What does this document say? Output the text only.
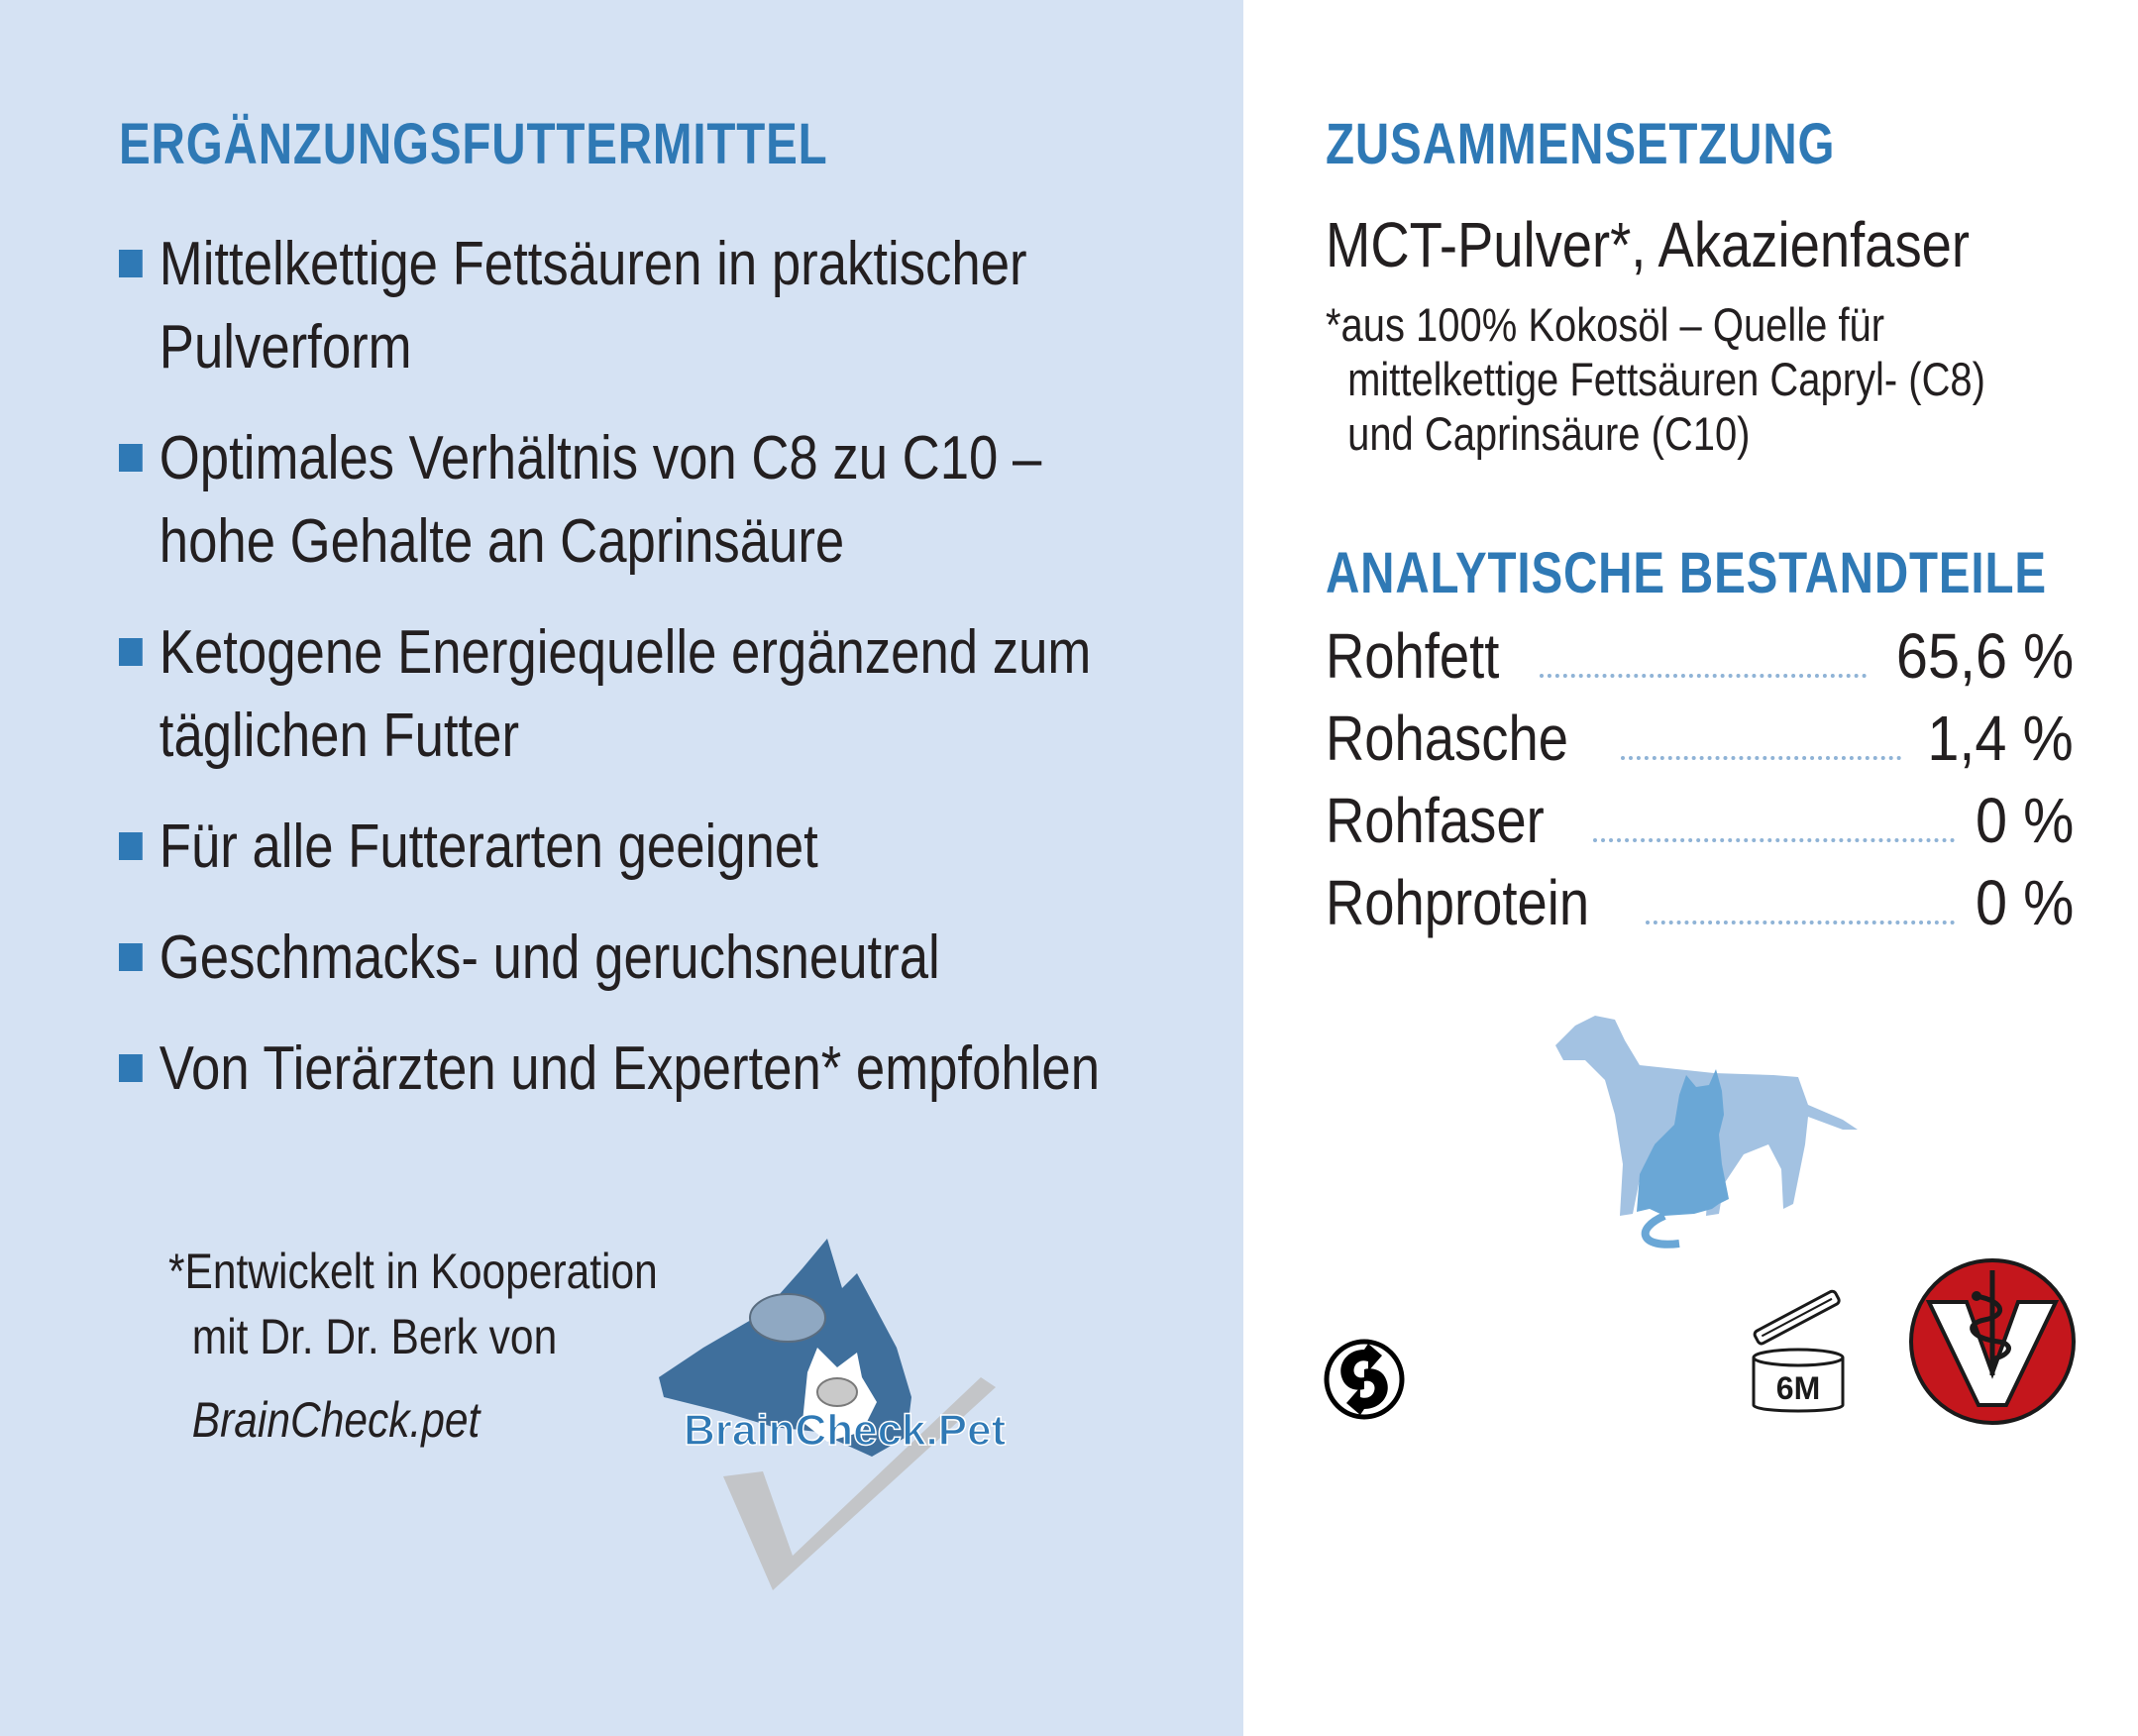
ERGÄNZUNGSFUTTERMITTEL
Mittelkettige Fettsäuren in praktischer
Pulverform
Optimales Verhältnis von C8 zu C10 –
hohe Gehalte an Caprinsäure
Ketogene Energiequelle ergänzend zum
täglichen Futter
Für alle Futterarten geeignet
Geschmacks- und geruchsneutral
Von Tierärzten und Experten* empfohlen
*Entwickelt in Kooperation
mit Dr. Dr. Berk von
BrainCheck.pet	BrainCheck.Pet
ZUSAMMENSETZUNG
MCT-Pulver*, Akazienfaser
*aus 100% Kokosöl – Quelle für
mittelkettige Fettsäuren Capryl- (C8)
und Caprinsäure (C10)
ANALYTISCHE BESTANDTEILE
Rohfett	65,6 %
Rohasche	1,4 %
Rohfaser	0 %
Rohprotein	0 %
6M
